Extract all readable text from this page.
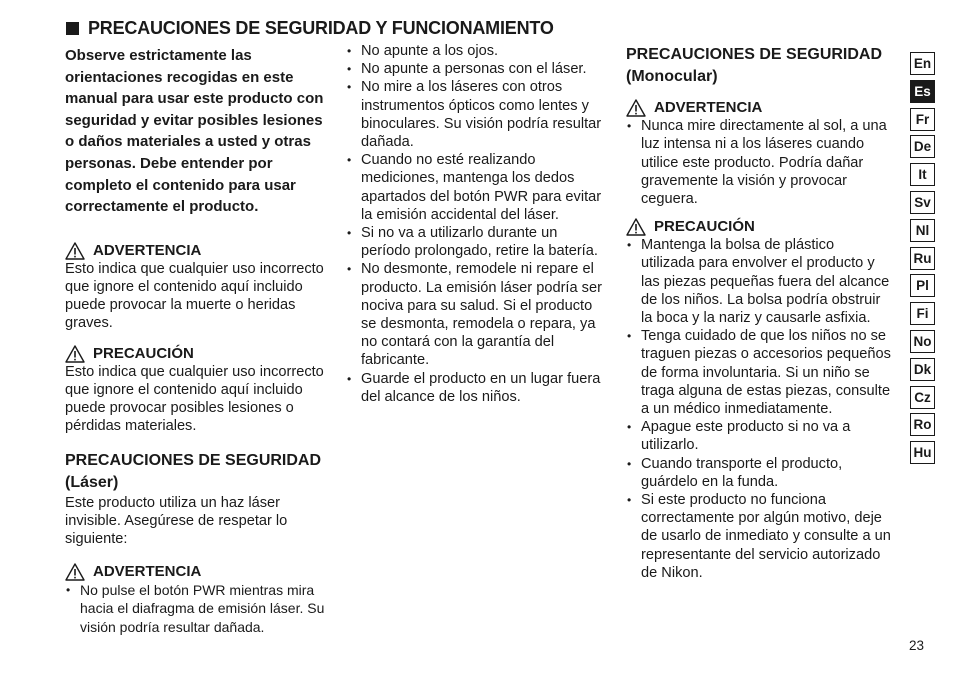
PRECAUCIONES DE SEGURIDAD Y FUNCIONAMIENTO

Observe estrictamente las orientaciones recogidas en este manual para usar este producto con seguridad y evitar posibles lesiones o daños materiales a usted y otras personas. Debe entender por completo el contenido para usar correctamente el producto.

ADVERTENCIA

Esto indica que cualquier uso incorrecto que ignore el contenido aquí incluido puede provocar la muerte o heridas graves.

PRECAUCIÓN

Esto indica que cualquier uso incorrecto que ignore el contenido aquí incluido puede provocar posibles lesiones o pérdidas materiales.

PRECAUCIONES DE SEGURIDAD (Láser)

Este producto utiliza un haz láser invisible. Asegúrese de respetar lo siguiente:

ADVERTENCIA
• No pulse el botón PWR mientras mira hacia el diafragma de emisión láser. Su visión podría resultar dañada.
• No apunte a los ojos.
• No apunte a personas con el láser.
• No mire a los láseres con otros instrumentos ópticos como lentes y binoculares. Su visión podría resultar dañada.
• Cuando no esté realizando mediciones, mantenga los dedos apartados del botón PWR para evitar la emisión accidental del láser.
• Si no va a utilizarlo durante un período prolongado, retire la batería.
• No desmonte, remodele ni repare el producto. La emisión láser podría ser nociva para su salud. Si el producto se desmonta, remodela o repara, ya no contará con la garantía del fabricante.
• Guarde el producto en un lugar fuera del alcance de los niños.

PRECAUCIONES DE SEGURIDAD (Monocular)

ADVERTENCIA
• Nunca mire directamente al sol, a una luz intensa ni a los láseres cuando utilice este producto. Podría dañar gravemente la visión y provocar ceguera.
PRECAUCIÓN
• Mantenga la bolsa de plástico utilizada para envolver el producto y las piezas pequeñas fuera del alcance de los niños. La bolsa podría obstruir la boca y la nariz y causarle asfixia.
• Tenga cuidado de que los niños no se traguen piezas o accesorios pequeños de forma involuntaria. Si un niño se traga alguna de estas piezas, consulte a un médico inmediatamente.
• Apague este producto si no va a utilizarlo.
• Cuando transporte el producto, guárdelo en la funda.
• Si este producto no funciona correctamente por algún motivo, deje de usarlo de inmediato y consulte a un representante del servicio autorizado de Nikon.
En
Es
Fr
De
It
Sv
Nl
Ru
Pl
Fi
No
Dk
Cz
Ro
Hu
23
